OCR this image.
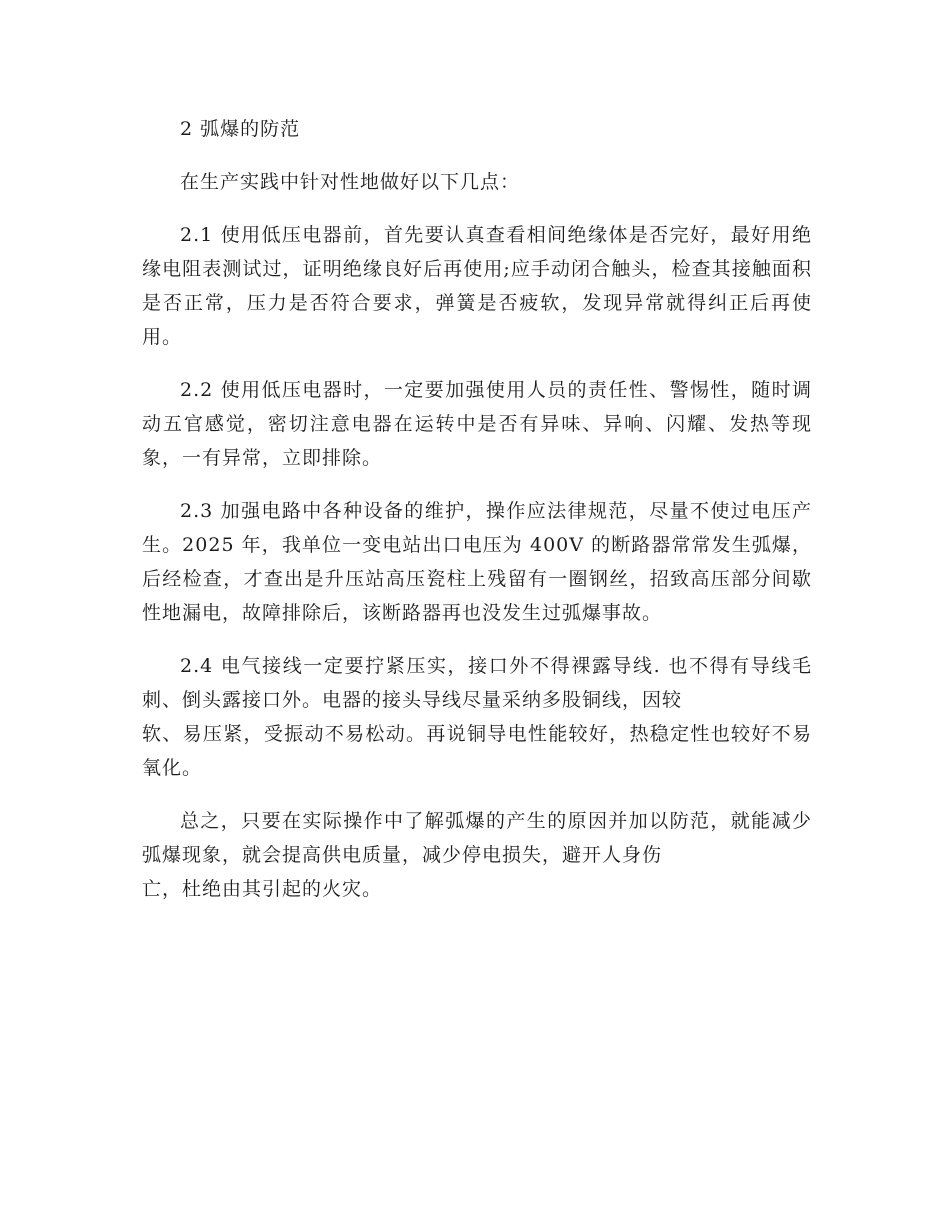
2 弧爆的防范

在生产实践中针对性地做好以下几点：

2.1 使用低压电器前，首先要认真查看相间绝缘体是否完好，最好用绝缘电阻表测试过，证明绝缘良好后再使用;应手动闭合触头，检查其接触面积是否正常，压力是否符合要求，弹簧是否疲软，发现异常就得纠正后再使用。

2.2 使用低压电器时，一定要加强使用人员的责任性、警惕性，随时调动五官感觉，密切注意电器在运转中是否有异味、异响、闪耀、发热等现象，一有异常，立即排除。

2.3 加强电路中各种设备的维护，操作应法律规范，尽量不使过电压产生。2025 年，我单位一变电站出口电压为 400V 的断路器常常发生弧爆，后经检查，才查出是升压站高压瓷柱上残留有一圈钢丝，招致高压部分间歇性地漏电，故障排除后，该断路器再也没发生过弧爆事故。

2.4 电气接线一定要拧紧压实，接口外不得裸露导线. 也不得有导线毛刺、倒头露接口外。电器的接头导线尽量采纳多股铜线，因较
软、易压紧，受振动不易松动。再说铜导电性能较好，热稳定性也较好不易氧化。

总之，只要在实际操作中了解弧爆的产生的原因并加以防范，就能减少弧爆现象，就会提高供电质量，减少停电损失，避开人身伤
亡，杜绝由其引起的火灾。
